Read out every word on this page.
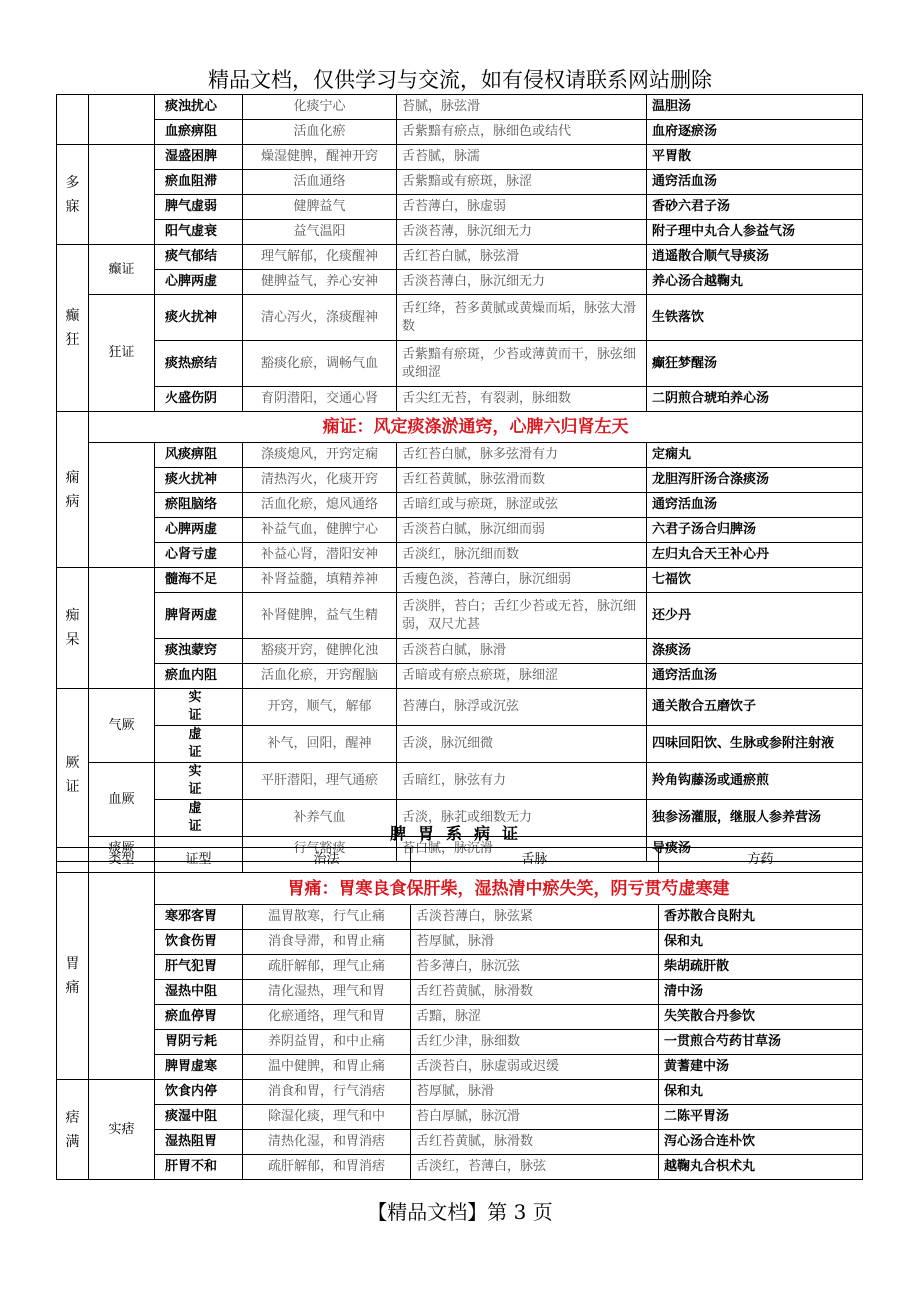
精品文档，仅供学习与交流，如有侵权请联系网站删除
		痰浊扰心	化痰宁心	苔腻，脉弦滑	温胆汤
		血瘀痹阻	活血化瘀	舌紫黯有瘀点，脉细色或结代	血府逐瘀汤

多
寐		湿盛困脾	燥湿健脾，醒神开窍	舌苔腻，脉濡	平胃散
		瘀血阻滞	活血通络	舌紫黯或有瘀斑，脉涩	通窍活血汤
		脾气虚弱	健脾益气	舌苔薄白，脉虚弱	香砂六君子汤
		阳气虚衰	益气温阳	舌淡苔薄，脉沉细无力	附子理中丸合人参益气汤

癫
狂	癫证	痰气郁结	理气解郁，化痰醒神	舌红苔白腻，脉弦滑	逍遥散合顺气导痰汤
		心脾两虚	健脾益气，养心安神	舌淡苔薄白，脉沉细无力	养心汤合越鞠丸
	狂证	痰火扰神	清心泻火，涤痰醒神	舌红绛，苔多黄腻或黄燥而垢，脉弦大滑数	生铁落饮
		痰热瘀结	豁痰化瘀，调畅气血	舌紫黯有瘀斑，少苔或薄黄而干，脉弦细或细涩	癫狂梦醒汤
		火盛伤阴	育阴潜阳，交通心肾	舌尖红无苔，有裂剥，脉细数	二阴煎合琥珀养心汤

痫
病	痫证：风定痰涤淤通窍，心脾六归肾左天				
		风痰痹阻	涤痰熄风，开窍定痫	舌红苔白腻，脉多弦滑有力	定痫丸
		痰火扰神	清热泻火，化痰开窍	舌红苔黄腻，脉弦滑而数	龙胆泻肝汤合涤痰汤
		瘀阻脑络	活血化瘀，熄风通络	舌暗红或与瘀斑，脉涩或弦	通窍活血汤
		心脾两虚	补益气血，健脾宁心	舌淡苔白腻，脉沉细而弱	六君子汤合归脾汤
		心肾亏虚	补益心肾，潜阳安神	舌淡红，脉沉细而数	左归丸合天王补心丹

痴
呆		髓海不足	补肾益髓，填精养神	舌瘦色淡，苔薄白，脉沉细弱	七福饮
		脾肾两虚	补肾健脾，益气生精	舌淡胖，苔白；舌红少苔或无苔，脉沉细弱，双尺尤甚	还少丹
		痰浊蒙窍	豁痰开窍，健脾化浊	舌淡苔白腻，脉滑	涤痰汤
		瘀血内阻	活血化瘀，开窍醒脑	舌暗或有瘀点瘀斑，脉细涩	通窍活血汤

厥
证	气厥	实证	开窍，顺气，解郁	苔薄白，脉浮或沉弦	通关散合五磨饮子
		虚证	补气，回阳，醒神	舌淡，脉沉细微	四味回阳饮、生脉或参附注射液
	血厥	实证	平肝潜阳，理气通瘀	舌暗红，脉弦有力	羚角钩藤汤或通瘀煎
		虚证	补养气血	舌淡，脉芤或细数无力	独参汤灌服，继服人参养营汤
	痰厥		行气豁痰	苔白腻，脉沉滑	导痰汤
脾胃系病证
	类型	证型	治法	舌脉	方药

胃
痛		胃痛：胃寒良食保肝柴，湿热清中瘀失笑，阴亏贯芍虚寒建			
		寒邪客胃	温胃散寒，行气止痛	舌淡苔薄白，脉弦紧	香苏散合良附丸
		饮食伤胃	消食导滞，和胃止痛	苔厚腻，脉滑	保和丸
		肝气犯胃	疏肝解郁，理气止痛	苔多薄白，脉沉弦	柴胡疏肝散
		湿热中阻	清化湿热，理气和胃	舌红苔黄腻，脉滑数	清中汤
		瘀血停胃	化瘀通络，理气和胃	舌黯，脉涩	失笑散合丹参饮
		胃阴亏耗	养阴益胃，和中止痛	舌红少津，脉细数	一贯煎合芍药甘草汤
		脾胃虚寒	温中健脾，和胃止痛	舌淡苔白，脉虚弱或迟缓	黄蓍建中汤

痞
满	实痞	饮食内停	消食和胃，行气消痞	苔厚腻，脉滑	保和丸
		痰湿中阻	除湿化痰，理气和中	苔白厚腻，脉沉滑	二陈平胃汤
		湿热阻胃	清热化湿，和胃消痞	舌红苔黄腻，脉滑数	泻心汤合连朴饮
		肝胃不和	疏肝解郁，和胃消痞	舌淡红，苔薄白，脉弦	越鞠丸合枳术丸
【精品文档】第 3 页
